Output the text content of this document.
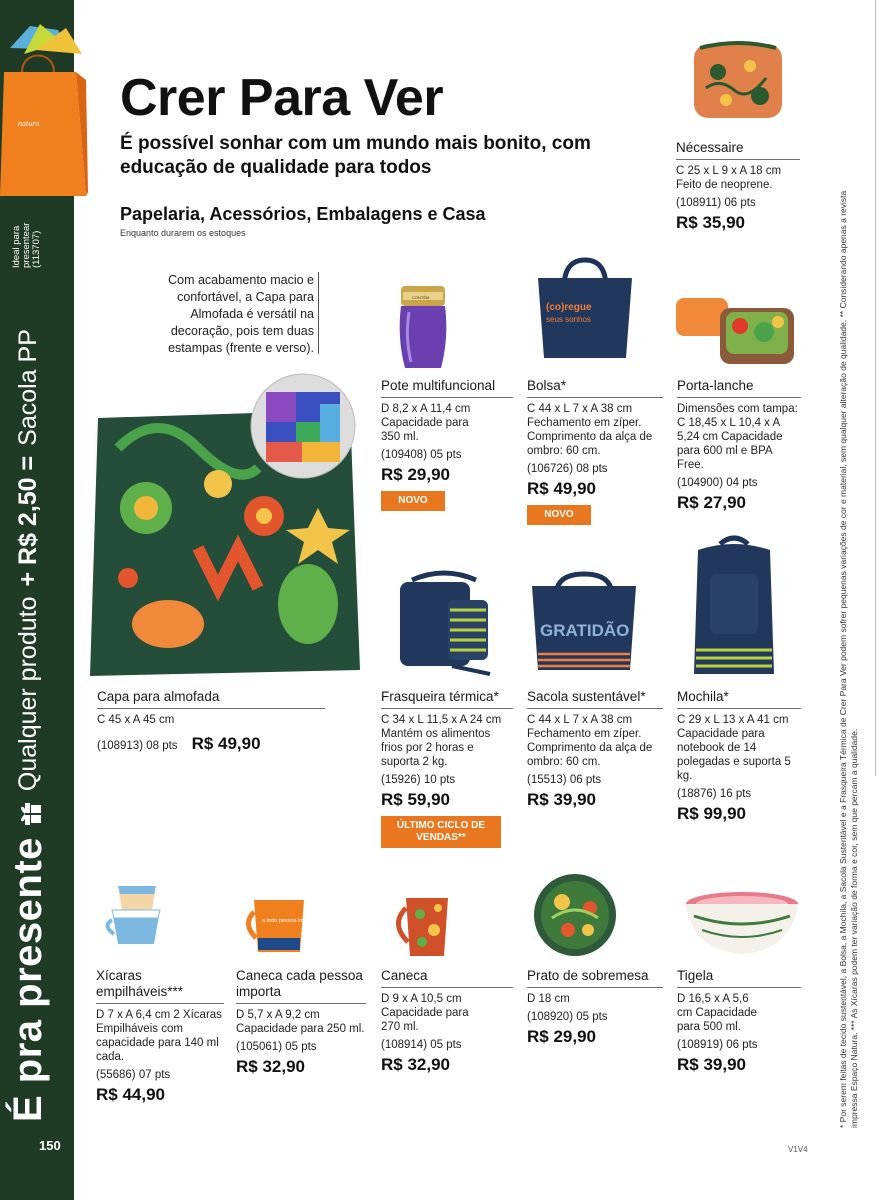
natura
Ideal para presentear (113707)
É pra presente
Qualquer produto
+ R$ 2,50 =
Sacola PP
150
Crer Para Ver
É possível sonhar com um mundo mais bonito, com educação de qualidade para todos
Papelaria, Acessórios, Embalagens e Casa
Enquanto durarem os estoques
Com acabamento macio e confortável, a Capa para Almofada é versátil na decoração, pois tem duas estampas (frente e verso).
CONTÉM
(co)regue
seus sonhos
GRATIDÃO
a todo pessoa importa
Nécessaire
C 25 x L 9 x A 18 cm Feito de neoprene.
(108911) 06 pts
R$ 35,90
Pote multifuncional
D 8,2 x A 11,4 cm Capacidade para 350 ml.
(109408) 05 pts
R$ 29,90
NOVO
Bolsa*
C 44 x L 7 x A 38 cm Fechamento em zíper. Comprimento da alça de ombro: 60 cm.
(106726) 08 pts
R$ 49,90
NOVO
Porta-lanche
Dimensões com tampa: C 18,45 x L 10,4 x A 5,24 cm Capacidade para 600 ml e BPA Free.
(104900) 04 pts
R$ 27,90
Capa para almofada
C 45 x A 45 cm
(108913) 08 pts R$ 49,90
Frasqueira térmica*
C 34 x L 11,5 x A 24 cm Mantém os alimentos frios por 2 horas e suporta 2 kg.
(15926) 10 pts
R$ 59,90
ÚLTIMO CICLO DE VENDAS**
Sacola sustentável*
C 44 x L 7 x A 38 cm Fechamento em zíper. Comprimento da alça de ombro: 60 cm.
(15513) 06 pts
R$ 39,90
Mochila*
C 29 x L 13 x A 41 cm Capacidade para notebook de 14 polegadas e suporta 5 kg.
(18876) 16 pts
R$ 99,90
Xícaras empilháveis***
D 7 x A 6,4 cm 2 Xícaras Empilháveis com capacidade para 140 ml cada.
(55686) 07 pts
R$ 44,90
Caneca cada pessoa importa
D 5,7 x A 9,2 cm Capacidade para 250 ml.
(105061) 05 pts
R$ 32,90
Caneca
D 9 x A 10,5 cm Capacidade para 270 ml.
(108914) 05 pts
R$ 32,90
Prato de sobremesa
D 18 cm
(108920) 05 pts
R$ 29,90
Tigela
D 16,5 x A 5,6 cm Capacidade para 500 ml.
(108919) 06 pts
R$ 39,90	* Por serem feitas de tecido sustentável, a Bolsa, a Mochila, a Sacola Sustentável e a Frasqueira Térmica de Crer Para Ver podem sofrer pequenas variações de cor e material, sem qualquer alteração de qualidade. ** Considerando apenas a revista impressa Espaço Natura. *** As Xícaras podem ter variação de forma e cor, sem que percam a qualidade.
V1V4
